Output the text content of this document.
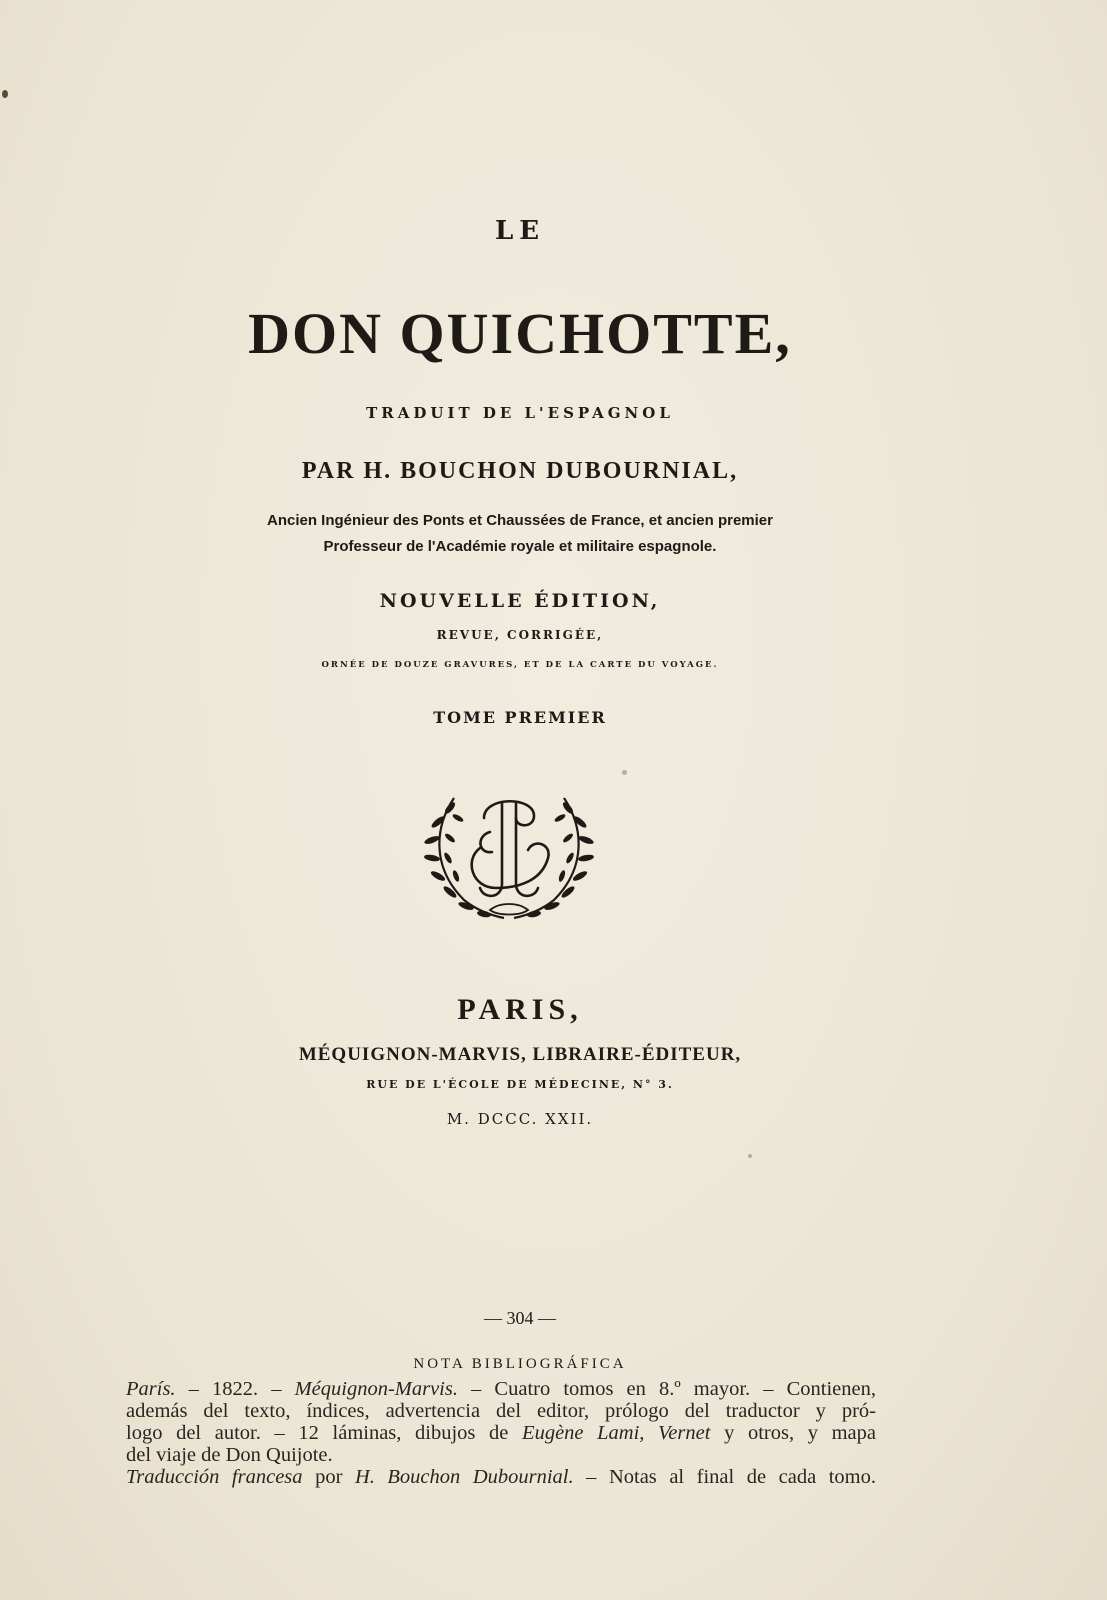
LE
DON QUICHOTTE,
TRADUIT DE L'ESPAGNOL
PAR H. BOUCHON DUBOURNIAL,
Ancien Ingénieur des Ponts et Chaussées de France, et ancien premier
Professeur de l'Académie royale et militaire espagnole.
NOUVELLE ÉDITION,
REVUE, CORRIGÉE,
ORNÉE DE DOUZE GRAVURES, ET DE LA CARTE DU VOYAGE.
TOME PREMIER
PARIS,
MÉQUIGNON-MARVIS, LIBRAIRE-ÉDITEUR,
RUE DE L'ÉCOLE DE MÉDECINE, N° 3.
M. DCCC. XXII.
— 304 —
NOTA BIBLIOGRÁFICA
París. – 1822. – Méquignon-Marvis. – Cuatro tomos en 8.º mayor. – Contienen,
además del texto, índices, advertencia del editor, prólogo del traductor y pró-
logo del autor. – 12 láminas, dibujos de Eugène Lami, Vernet y otros, y mapa
del viaje de Don Quijote.
Traducción francesa por H. Bouchon Dubournial. – Notas al final de cada tomo.
